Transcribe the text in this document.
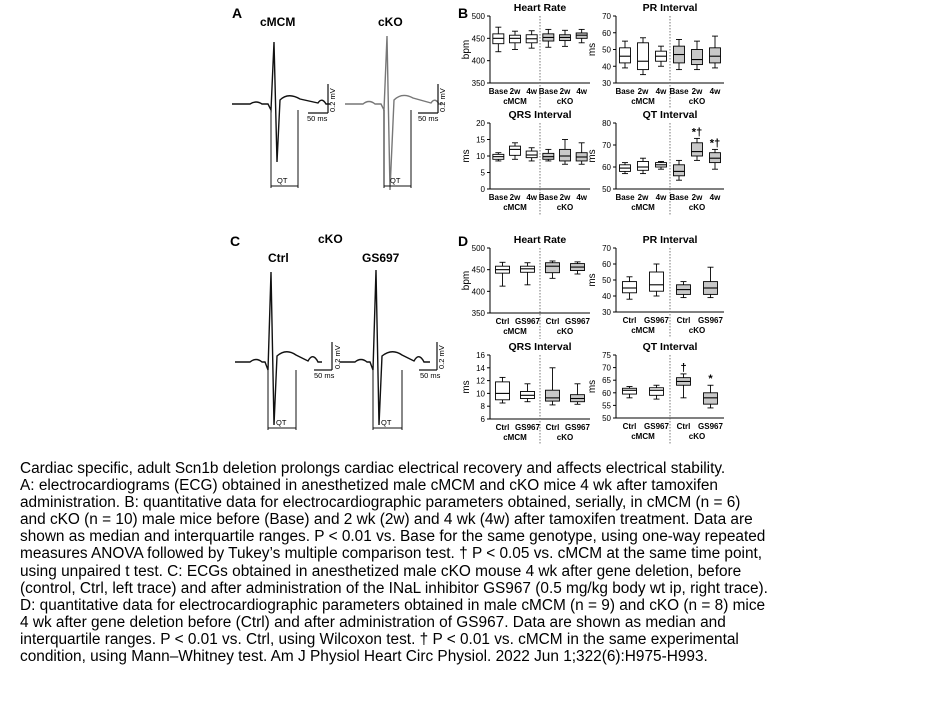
A
cMCM	cKO
QT	QT
0.2 mV
50 ms
0.2 mV
50 ms
C	cKO
Ctrl	GS697
QT	QT
0.2 mV
50 ms
0.2 mV
50 ms
B
D
Heart Rate
350
400
450
500
bpm
Base 2w 4w Base 2w 4w
cMCM	cKO
PR Interval
30
40
50
60
70
ms
Base 2w 4w Base 2w 4w
cMCM	cKO
QRS Interval
0
5
10
15
20
ms
Base 2w 4w Base 2w 4w
cMCM	cKO
QT Interval
50
60
70
80
ms
Base 2w 4w Base
*†
2w
*†
4w
cMCM	cKO
Heart Rate
350
400
450
500
bpm
Ctrl GS967 Ctrl GS967
cMCM	cKO
PR Interval
30
40
50
60
70
ms
Ctrl GS967 Ctrl GS967
cMCM	cKO
QRS Interval
6
8
10
12
14
16
ms
Ctrl GS967 Ctrl GS967
cMCM	cKO
QT Interval
50
55
60
65
70
75
ms
Ctrl GS967
†
Ctrl
*
GS967
cMCM	cKO

Cardiac specific, adult Scn1b deletion prolongs cardiac electrical recovery and affects electrical stability.

A: electrocardiograms (ECG) obtained in anesthetized male cMCM and cKO mice 4 wk after tamoxifen

administration. B: quantitative data for electrocardiographic parameters obtained, serially, in cMCM (n = 6)

and cKO (n = 10) male mice before (Base) and 2 wk (2w) and 4 wk (4w) after tamoxifen treatment. Data are

shown as median and interquartile ranges. P < 0.01 vs. Base for the same genotype, using one-way repeated

measures ANOVA followed by Tukey’s multiple comparison test. † P < 0.05 vs. cMCM at the same time point,

using unpaired t test. C: ECGs obtained in anesthetized male cKO mouse 4 wk after gene deletion, before

(control, Ctrl, left trace) and after administration of the INaL inhibitor GS967 (0.5 mg/kg body wt ip, right trace).

D: quantitative data for electrocardiographic parameters obtained in male cMCM (n = 9) and cKO (n = 8) mice

4 wk after gene deletion before (Ctrl) and after administration of GS967. Data are shown as median and

interquartile ranges. P < 0.01 vs. Ctrl, using Wilcoxon test. † P < 0.01 vs. cMCM in the same experimental

condition, using Mann–Whitney test. Am J Physiol Heart Circ Physiol. 2022 Jun 1;322(6):H975-H993.
